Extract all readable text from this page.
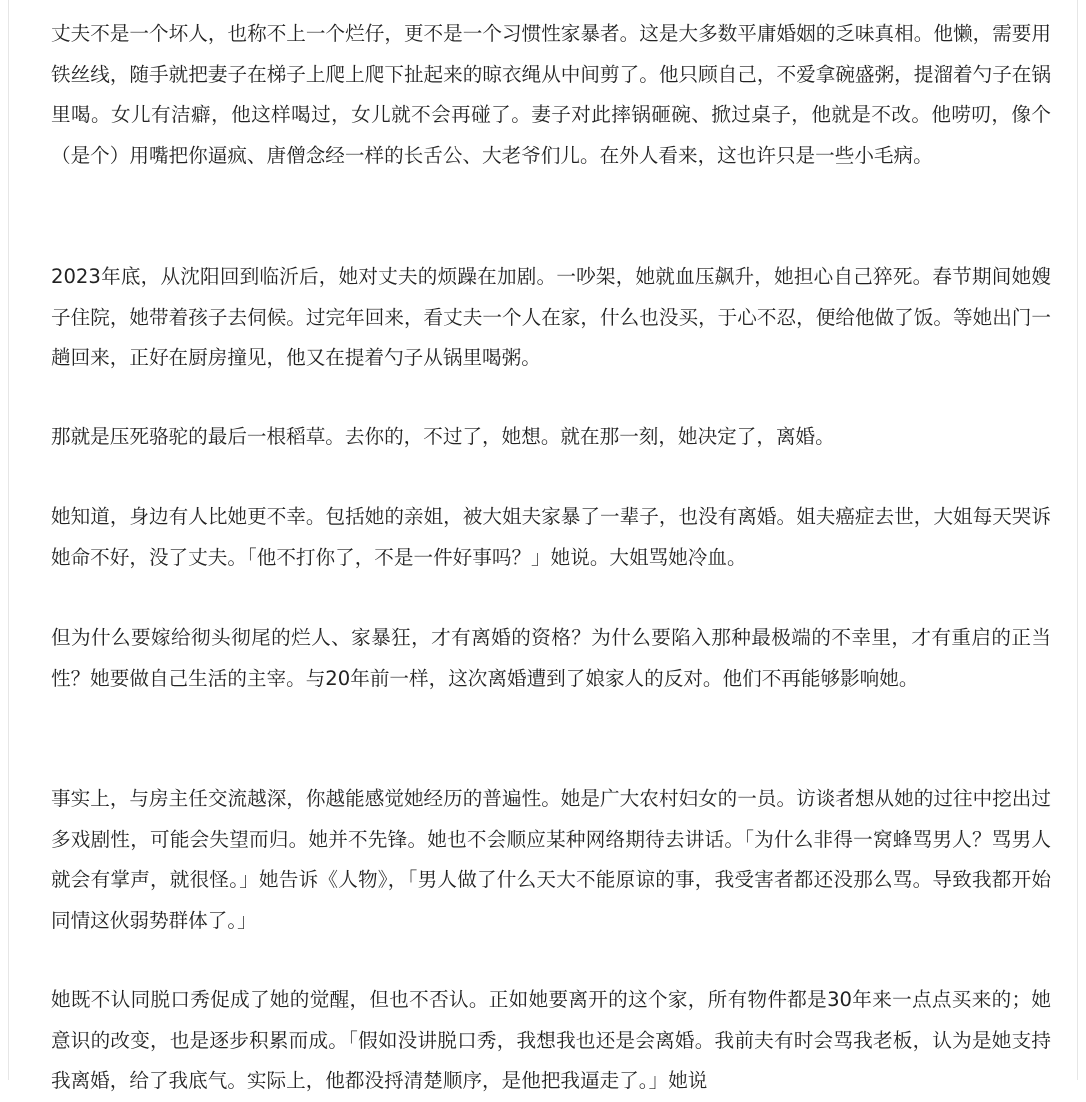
丈夫不是一个坏人，也称不上一个烂仔，更不是一个习惯性家暴者。这是大多数平庸婚姻的乏味真相。他懒，需要用铁丝线，随手就把妻子在梯子上爬上爬下扯起来的晾衣绳从中间剪了。他只顾自己，不爱拿碗盛粥，提溜着勺子在锅里喝。女儿有洁癖，他这样喝过，女儿就不会再碰了。妻子对此摔锅砸碗、掀过桌子，他就是不改。他唠叨，像个（是个）用嘴把你逼疯、唐僧念经一样的长舌公、大老爷们儿。在外人看来，这也许只是一些小毛病。

2023年底，从沈阳回到临沂后，她对丈夫的烦躁在加剧。一吵架，她就血压飙升，她担心自己猝死。春节期间她嫂子住院，她带着孩子去伺候。过完年回来，看丈夫一个人在家，什么也没买，于心不忍，便给他做了饭。等她出门一趟回来，正好在厨房撞见，他又在提着勺子从锅里喝粥。

那就是压死骆驼的最后一根稻草。去你的，不过了，她想。就在那一刻，她决定了，离婚。

她知道，身边有人比她更不幸。包括她的亲姐，被大姐夫家暴了一辈子，也没有离婚。姐夫癌症去世，大姐每天哭诉她命不好，没了丈夫。「他不打你了，不是一件好事吗？」她说。大姐骂她冷血。

但为什么要嫁给彻头彻尾的烂人、家暴狂，才有离婚的资格？为什么要陷入那种最极端的不幸里，才有重启的正当性？她要做自己生活的主宰。与20年前一样，这次离婚遭到了娘家人的反对。他们不再能够影响她。

事实上，与房主任交流越深，你越能感觉她经历的普遍性。她是广大农村妇女的一员。访谈者想从她的过往中挖出过多戏剧性，可能会失望而归。她并不先锋。她也不会顺应某种网络期待去讲话。「为什么非得一窝蜂骂男人？骂男人就会有掌声，就很怪。」她告诉《人物》，「男人做了什么天大不能原谅的事，我受害者都还没那么骂。导致我都开始同情这伙弱势群体了。」

她既不认同脱口秀促成了她的觉醒，但也不否认。正如她要离开的这个家，所有物件都是30年来一点点买来的；她意识的改变，也是逐步积累而成。「假如没讲脱口秀，我想我也还是会离婚。我前夫有时会骂我老板，认为是她支持我离婚，给了我底气。实际上，他都没捋清楚顺序，是他把我逼走了。」她说
